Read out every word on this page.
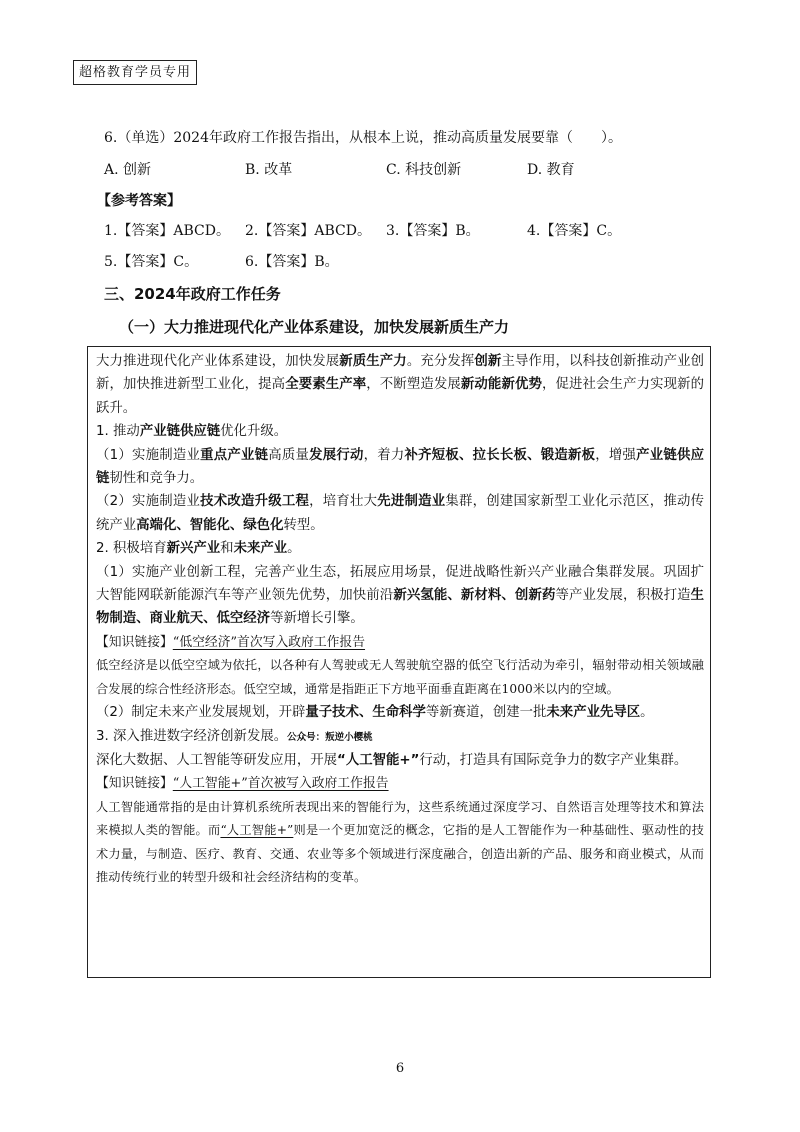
超格教育学员专用
6.（单选）2024年政府工作报告指出，从根本上说，推动高质量发展要靠（　　）。
A. 创新	B. 改革	C. 科技创新	D. 教育
【参考答案】
1.【答案】ABCD。 2.【答案】ABCD。 3.【答案】B。	4.【答案】C。
5.【答案】C。	6.【答案】B。
三、2024年政府工作任务
（一）大力推进现代化产业体系建设，加快发展新质生产力

大力推进现代化产业体系建设，加快发展新质生产力。充分发挥创新主导作用，以科技创新推动产业创新，加快推进新型工业化，提高全要素生产率，不断塑造发展新动能新优势，促进社会生产力实现新的跃升。

1. 推动产业链供应链优化升级。

（1）实施制造业重点产业链高质量发展行动，着力补齐短板、拉长长板、锻造新板，增强产业链供应链韧性和竞争力。

（2）实施制造业技术改造升级工程，培育壮大先进制造业集群，创建国家新型工业化示范区，推动传统产业高端化、智能化、绿色化转型。

2. 积极培育新兴产业和未来产业。

（1）实施产业创新工程，完善产业生态，拓展应用场景，促进战略性新兴产业融合集群发展。巩固扩大智能网联新能源汽车等产业领先优势，加快前沿新兴氢能、新材料、创新药等产业发展，积极打造生物制造、商业航天、低空经济等新增长引擎。

【知识链接】“低空经济”首次写入政府工作报告

低空经济是以低空空域为依托，以各种有人驾驶或无人驾驶航空器的低空飞行活动为牵引，辐射带动相关领域融合发展的综合性经济形态。低空空域，通常是指距正下方地平面垂直距离在1000米以内的空域。

（2）制定未来产业发展规划，开辟量子技术、生命科学等新赛道，创建一批未来产业先导区。

3. 深入推进数字经济创新发展。公众号：叛逆小樱桃

深化大数据、人工智能等研发应用，开展“人工智能+”行动，打造具有国际竞争力的数字产业集群。

【知识链接】“人工智能+”首次被写入政府工作报告

人工智能通常指的是由计算机系统所表现出来的智能行为，这些系统通过深度学习、自然语言处理等技术和算法来模拟人类的智能。而“人工智能+”则是一个更加宽泛的概念，它指的是人工智能作为一种基础性、驱动性的技术力量，与制造、医疗、教育、交通、农业等多个领域进行深度融合，创造出新的产品、服务和商业模式，从而推动传统行业的转型升级和社会经济结构的变革。

6
